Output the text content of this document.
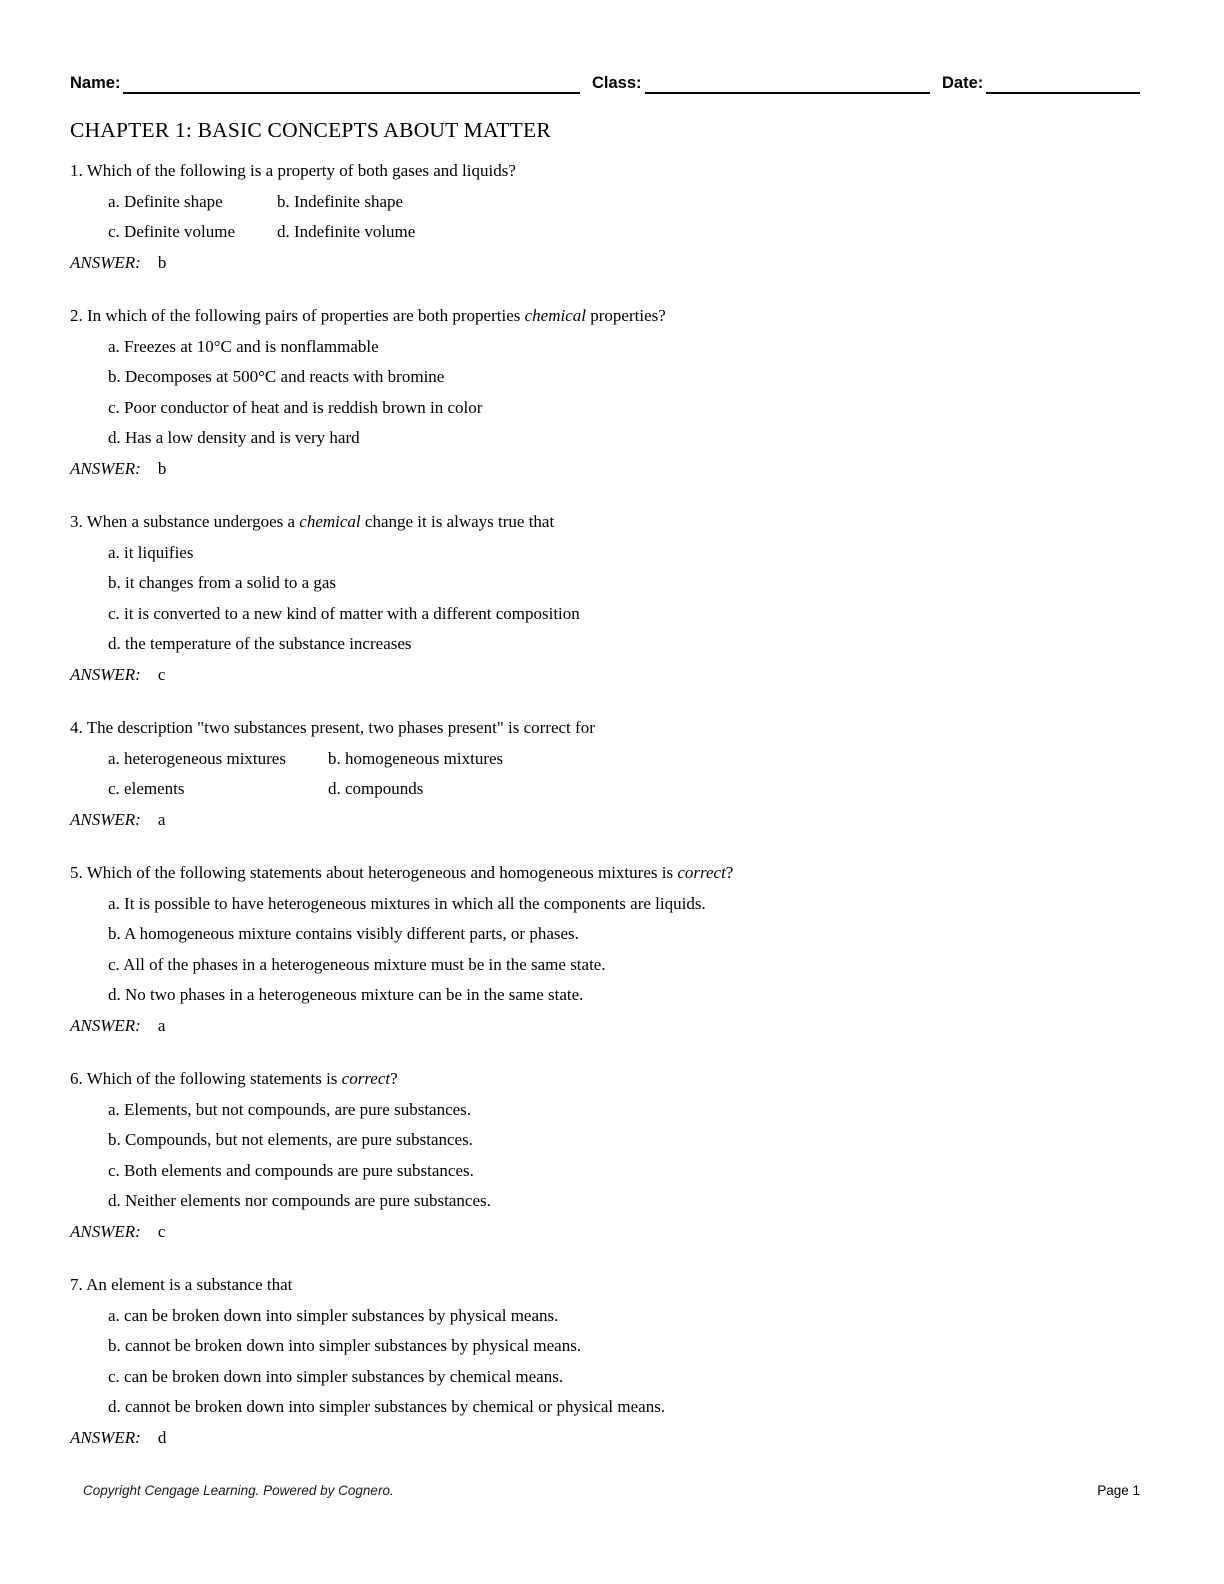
Name:	Class:	Date:
CHAPTER 1: BASIC CONCEPTS ABOUT MATTER
1. Which of the following is a property of both gases and liquids?
a. Definite shape	b. Indefinite shape
c. Definite volume d. Indefinite volume
ANSWER: b
2. In which of the following pairs of properties are both properties chemical properties?
a. Freezes at 10°C and is nonflammable
b. Decomposes at 500°C and reacts with bromine
c. Poor conductor of heat and is reddish brown in color
d. Has a low density and is very hard
ANSWER: b
3. When a substance undergoes a chemical change it is always true that
a. it liquifies
b. it changes from a solid to a gas
c. it is converted to a new kind of matter with a different composition
d. the temperature of the substance increases
ANSWER: c
4. The description "two substances present, two phases present" is correct for
a. heterogeneous mixtures b. homogeneous mixtures
c. elements	d. compounds
ANSWER: a
5. Which of the following statements about heterogeneous and homogeneous mixtures is correct?
a. It is possible to have heterogeneous mixtures in which all the components are liquids.
b. A homogeneous mixture contains visibly different parts, or phases.
c. All of the phases in a heterogeneous mixture must be in the same state.
d. No two phases in a heterogeneous mixture can be in the same state.
ANSWER: a
6. Which of the following statements is correct?
a. Elements, but not compounds, are pure substances.
b. Compounds, but not elements, are pure substances.
c. Both elements and compounds are pure substances.
d. Neither elements nor compounds are pure substances.
ANSWER: c
7. An element is a substance that
a. can be broken down into simpler substances by physical means.
b. cannot be broken down into simpler substances by physical means.
c. can be broken down into simpler substances by chemical means.
d. cannot be broken down into simpler substances by chemical or physical means.
ANSWER: d
Copyright Cengage Learning. Powered by Cognero.	Page 1
